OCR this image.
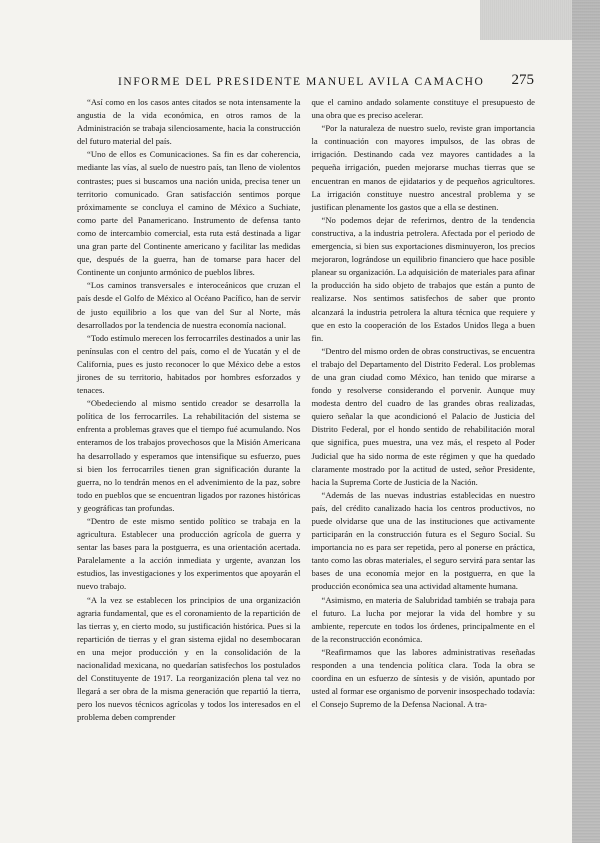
INFORME DEL PRESIDENTE MANUEL AVILA CAMACHO 275

“Así como en los casos antes citados se nota intensamente la angustia de la vida económica, en otros ramos de la Administración se trabaja silenciosamente, hacia la construcción del futuro material del país.

“Uno de ellos es Comunicaciones. Sa fin es dar coherencia, mediante las vías, al suelo de nuestro país, tan lleno de violentos contrastes; pues si buscamos una nación unida, precisa tener un territorio comunicado. Gran satisfacción sentimos porque próximamente se concluya el camino de México a Suchiate, como parte del Panamericano. Instrumento de defensa tanto como de intercambio comercial, esta ruta está destinada a ligar una gran parte del Continente americano y facilitar las medidas que, después de la guerra, han de tomarse para hacer del Continente un conjunto armónico de pueblos libres.

“Los caminos transversales e interoceánicos que cruzan el país desde el Golfo de México al Océano Pacífico, han de servir de justo equilibrio a los que van del Sur al Norte, más desarrollados por la tendencia de nuestra economía nacional.

“Todo estímulo merecen los ferrocarriles destinados a unir las penínsulas con el centro del país, como el de Yucatán y el de California, pues es justo reconocer lo que México debe a estos jirones de su territorio, habitados por hombres esforzados y tenaces.

“Obedeciendo al mismo sentido creador se desarrolla la política de los ferrocarriles. La rehabilitación del sistema se enfrenta a problemas graves que el tiempo fué acumulando. Nos enteramos de los trabajos provechosos que la Misión Americana ha desarrollado y esperamos que intensifique su esfuerzo, pues si bien los ferrocarriles tienen gran significación durante la guerra, no lo tendrán menos en el advenimiento de la paz, sobre todo en pueblos que se encuentran ligados por razones históricas y geográficas tan profundas.

“Dentro de este mismo sentido político se trabaja en la agricultura. Establecer una producción agrícola de guerra y sentar las bases para la postguerra, es una orientación acertada. Paralelamente a la acción inmediata y urgente, avanzan los estudios, las investigaciones y los experimentos que apoyarán el nuevo trabajo.

“A la vez se establecen los principios de una organización agraria fundamental, que es el coronamiento de la repartición de las tierras y, en cierto modo, su justificación histórica. Pues si la repartición de tierras y el gran sistema ejidal no desembocaran en una mejor producción y en la consolidación de la nacionalidad mexicana, no quedarían satisfechos los postulados del Constituyente de 1917. La reorganización plena tal vez no llegará a ser obra de la misma generación que repartió la tierra, pero los nuevos técnicos agrícolas y todos los interesados en el problema deben comprender

que el camino andado solamente constituye el presupuesto de una obra que es preciso acelerar.

“Por la naturaleza de nuestro suelo, reviste gran importancia la continuación con mayores impulsos, de las obras de irrigación. Destinando cada vez mayores cantidades a la pequeña irrigación, pueden mejorarse muchas tierras que se encuentran en manos de ejidatarios y de pequeños agricultores. La irrigación constituye nuestro ancestral problema y se justifican plenamente los gastos que a ella se destinen.

“No podemos dejar de referirnos, dentro de la tendencia constructiva, a la industria petrolera. Afectada por el periodo de emergencia, si bien sus exportaciones disminuyeron, los precios mejoraron, lográndose un equilibrio financiero que hace posible planear su organización. La adquisición de materiales para afinar la producción ha sido objeto de trabajos que están a punto de realizarse. Nos sentimos satisfechos de saber que pronto alcanzará la industria petrolera la altura técnica que requiere y que en esto la cooperación de los Estados Unidos llega a buen fin.

“Dentro del mismo orden de obras constructivas, se encuentra el trabajo del Departamento del Distrito Federal. Los problemas de una gran ciudad como México, han tenido que mirarse a fondo y resolverse considerando el porvenir. Aunque muy modesta dentro del cuadro de las grandes obras realizadas, quiero señalar la que acondicionó el Palacio de Justicia del Distrito Federal, por el hondo sentido de rehabilitación moral que significa, pues muestra, una vez más, el respeto al Poder Judicial que ha sido norma de este régimen y que ha quedado claramente mostrado por la actitud de usted, señor Presidente, hacia la Suprema Corte de Justicia de la Nación.

“Además de las nuevas industrias establecidas en nuestro país, del crédito canalizado hacia los centros productivos, no puede olvidarse que una de las instituciones que activamente participarán en la construcción futura es el Seguro Social. Su importancia no es para ser repetida, pero al ponerse en práctica, tanto como las obras materiales, el seguro servirá para sentar las bases de una economía mejor en la postguerra, en que la producción económica sea una actividad altamente humana.

“Asimismo, en materia de Salubridad también se trabaja para el futuro. La lucha por mejorar la vida del hombre y su ambiente, repercute en todos los órdenes, principalmente en el de la reconstrucción económica.

“Reafirmamos que las labores administrativas reseñadas responden a una tendencia política clara. Toda la obra se coordina en un esfuerzo de síntesis y de visión, apuntado por usted al formar ese organismo de porvenir insospechado todavía: el Consejo Supremo de la Defensa Nacional. A tra-
